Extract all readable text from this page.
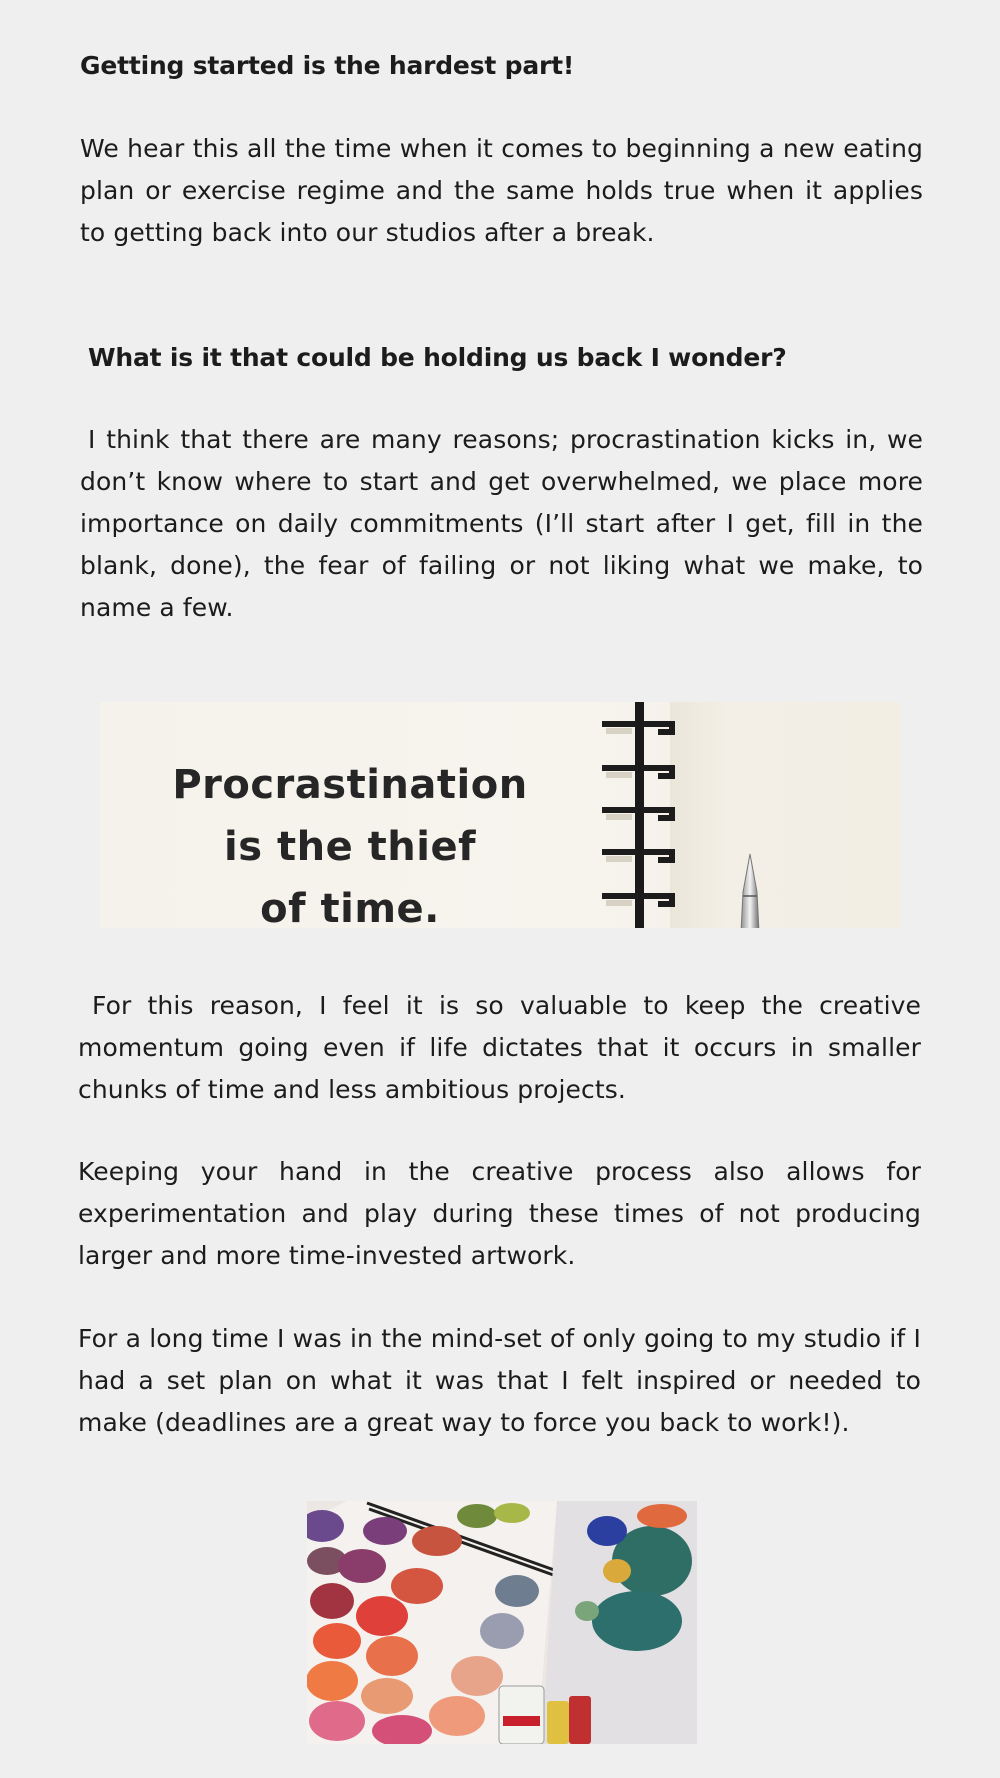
Getting started is the hardest part!

We hear this all the time when it comes to beginning a new eating plan or exercise regime and the same holds true when it applies to getting back into our studios after a break.

What is it that could be holding us back I wonder?

I think that there are many reasons; procrastination kicks in, we don’t know where to start and get overwhelmed, we place more importance on daily commitments (I’ll start after I get, fill in the blank, done), the fear of failing or not liking what we make, to name a few.

Procrastination
is the thief
of time.

For this reason, I feel it is so valuable to keep the creative momentum going even if life dictates that it occurs in smaller chunks of time and less ambitious projects.

Keeping your hand in the creative process also allows for experimentation and play during these times of not producing larger and more time-invested artwork.

For a long time I was in the mind-set of only going to my studio if I had a set plan on what it was that I felt inspired or needed to make (deadlines are a great way to force you back to work!).
